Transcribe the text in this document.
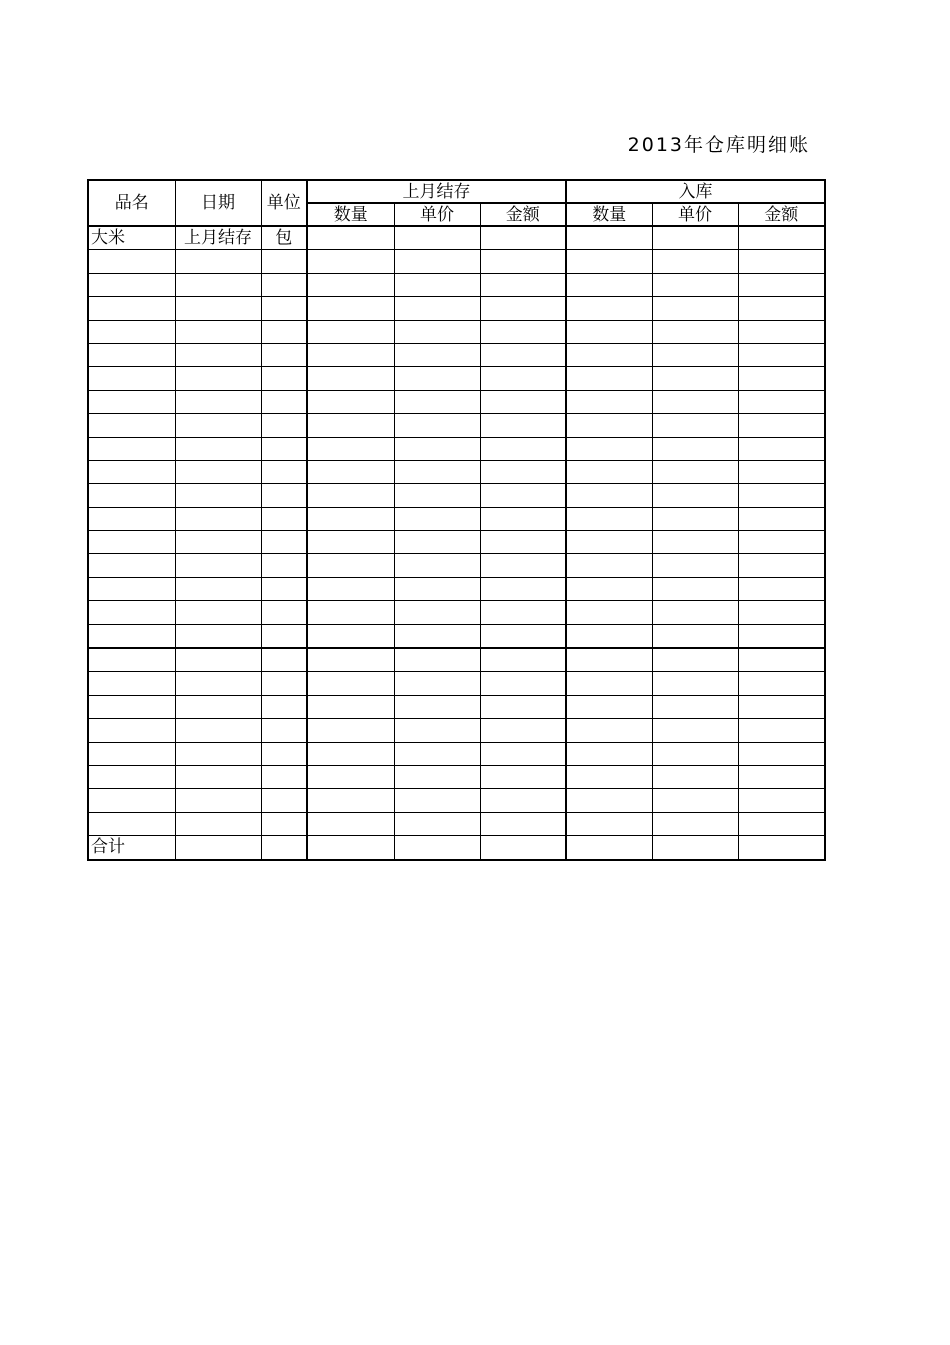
2013年仓库明细账
品名	日期	单位	上月结存			入库		
			数量	单价	金额	数量	单价	金额
大米	上月结存	包						

合计								
